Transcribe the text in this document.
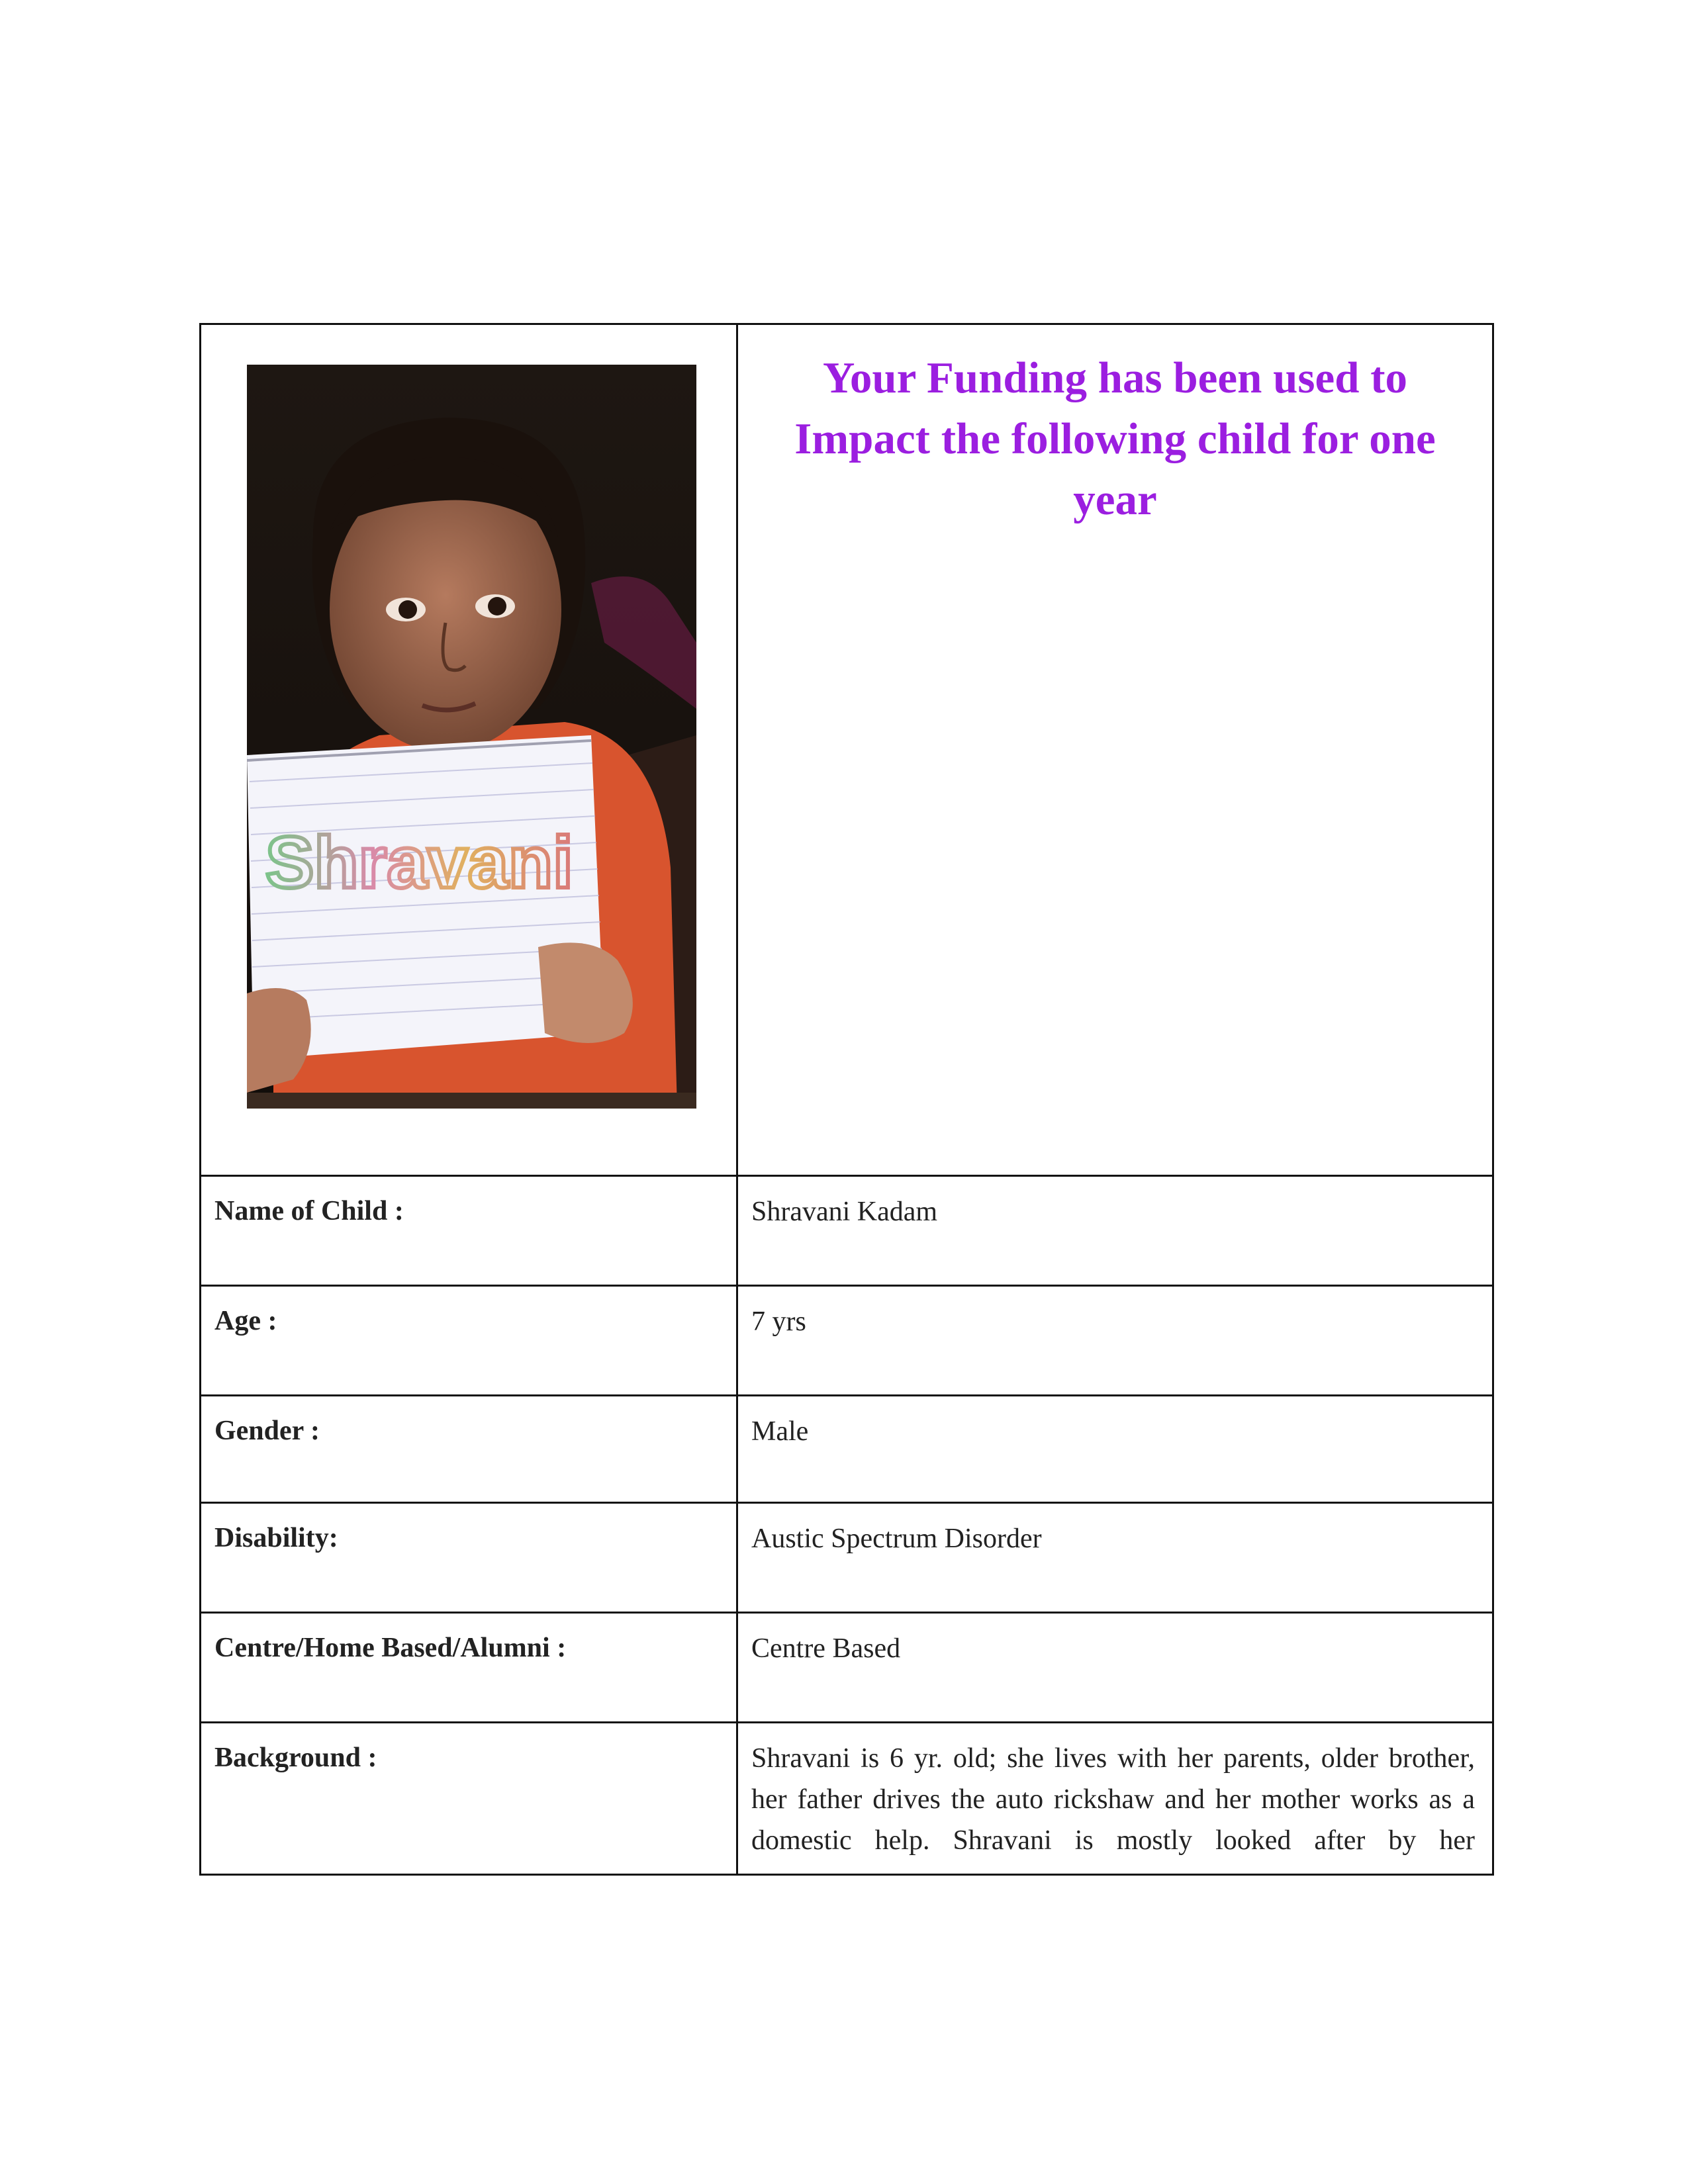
Shravani	Your Funding has been used to Impact the following child for one year

Name of Child :	Shravani Kadam
Age :	7 yrs
Gender :	Male
Disability:	Austic Spectrum Disorder
Centre/Home Based/Alumni :	Centre Based
Background :	Shravani is 6 yr. old; she lives with her parents, older brother, her father drives the auto rickshaw and her mother works as a domestic help. Shravani is mostly looked after by her
